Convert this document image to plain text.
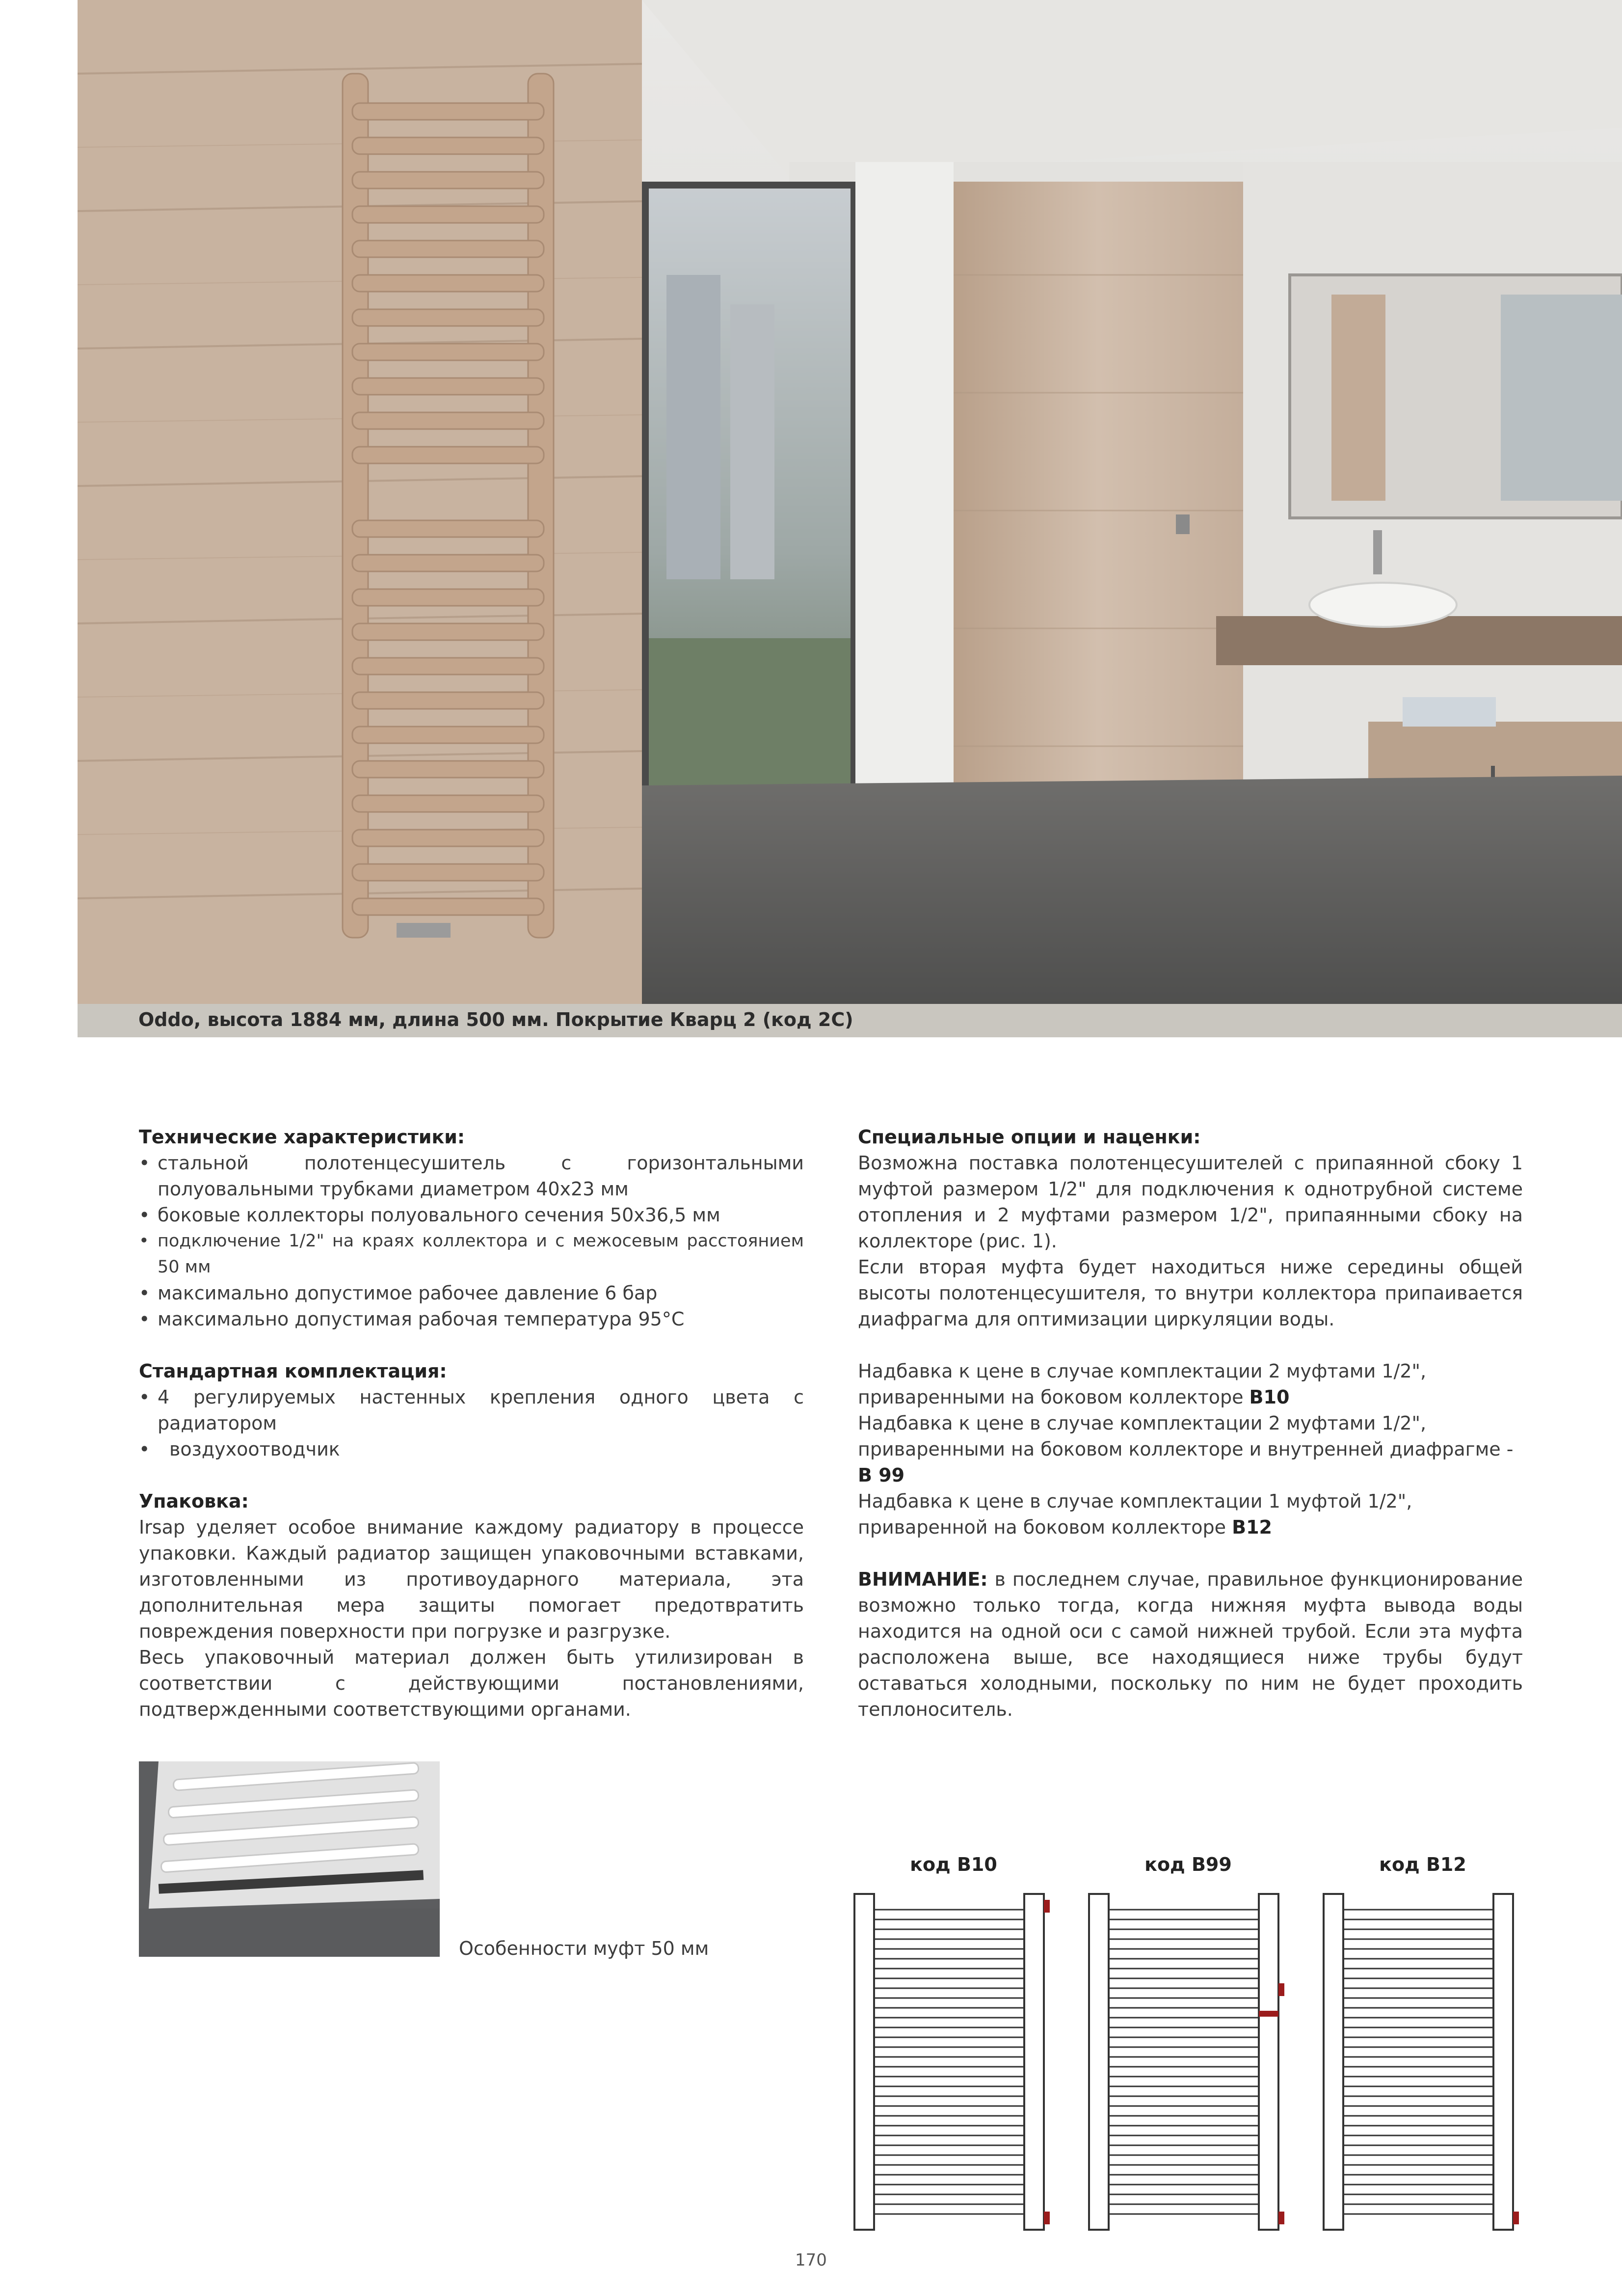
Oddo, высота 1884 мм, длина 500 мм. Покрытие Кварц 2 (код 2С)

Технические характеристики:

• стальной полотенцесушитель с горизонтальными полуовальными трубками диаметром 40x23 мм
• боковые коллекторы полуовального сечения 50x36,5 мм
• подключение 1/2" на краях коллектора и с межосевым расстоянием 50 мм
• максимально допустимое рабочее давление 6 бар
• максимально допустимая рабочая температура 95°С

Стандартная комплектация:

• 4 регулируемых настенных крепления одного цвета с радиатором
• воздухоотводчик

Упаковка:

Irsap уделяет особое внимание каждому радиатору в процессе упаковки. Каждый радиатор защищен упаковочными вставками, изготовленными из противоударного материала, эта дополнительная мера защиты помогает предотвратить повреждения поверхности при погрузке и разгрузке.

Весь упаковочный материал должен быть утилизирован в соответствии с действующими постановлениями, подтвержденными соответствующими органами.

Специальные опции и наценки:

Возможна поставка полотенцесушителей с припаянной сбоку 1 муфтой размером 1/2" для подключения к однотрубной системе отопления и 2 муфтами размером 1/2", припаянными сбоку на коллекторе (рис. 1).

Если вторая муфта будет находиться ниже середины общей высоты полотенцесушителя, то внутри коллектора припаивается диафрагма для оптимизации циркуляции воды.

Надбавка к цене в случае комплектации 2 муфтами 1/2", приваренными на боковом коллекторе B10

Надбавка к цене в случае комплектации 2 муфтами 1/2", приваренными на боковом коллекторе и внутренней диафрагме - B 99

Надбавка к цене в случае комплектации 1 муфтой 1/2", приваренной на боковом коллекторе B12

ВНИМАНИЕ: в последнем случае, правильное функционирование возможно только тогда, когда нижняя муфта вывода воды находится на одной оси с самой нижней трубой. Если эта муфта расположена выше, все находящиеся ниже трубы будут оставаться холодными, поскольку по ним не будет проходить теплоноситель.

Особенности муфт 50 мм
код B10	код B99	код B12
170
